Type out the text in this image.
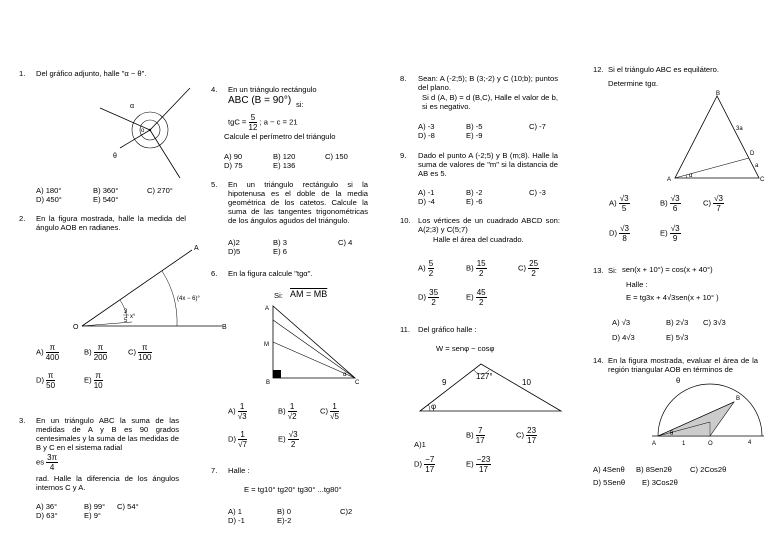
1. Del gráfico adjunto, halle "α − θ".
α
θ
o
A) 180°	B) 360°	C) 270°
D) 450°	E) 540°
2. En la figura mostrada, halle la medida del ángulo AOB en radianes.
O
A
B
(4x − 6)°
3
5
x°
$A) \frac{\pi}{400}$	$B) \frac{\pi}{200}$	$C) \frac{\pi}{100}$
$D) \frac{\pi}{50}$	$E) \frac{\pi}{10}$
3. En un triángulo ABC la suma de las medidas de A y B es 90 grados centesimales y la suma de las medidas de B y C en el sistema radial
es $\frac{3\pi}{4}$
rad. Halle la diferencia de los ángulos internos C y A.
A) 36°	B) 99° C) 54°
D) 63°	E) 9°
4. En un triángulo rectángulo
ABC (B = 90°) si:
tgC = $\frac{5}{12}$ ; a − c = 21
Calcule el perímetro del triángulo
A) 90	B) 120	C) 150
D) 75	E) 136
5. En un triángulo rectángulo si la hipotenusa es el doble de la media geométrica de los catetos. Calcule la suma de las tangentes trigonométricas de los ángulos agudos del triángulo.
A)2	B) 3	C) 4
D)5	E) 6
6. En la figura calcule "tgα".
Si: AM = MB
A
M
B	C
α
$A) \frac{1}{√3}$	$B) \frac{1}{√2}$	$C) \frac{1}{√5}$
$D) \frac{1}{√7}$	$E) \frac{√3}{2}$
7. Halle :
E = tg10° tg20° tg30° ...tg80°
A) 1	B) 0	C)2
D) -1	E)-2
8. Sean: A (-2;5); B (3;-2) y C (10;b); puntos del plano.
Si d (A, B) = d (B,C), Halle el valor de b, si es negativo.
A) -3	B) -5	C) -7
D) -8	E) -9
9. Dado el punto A (-2;5) y B (m;8). Halle la suma de valores de "m" si la distancia de AB es 5.
A) -1	B) -2	C) -3
D) -4	E) -6
10. Los vértices de un cuadrado ABCD son: A(2;3) y C(5;7)
Halle el área del cuadrado.
$A) \frac{5}{2}$	$B) \frac{15}{2}$	$C) \frac{25}{2}$
$D) \frac{35}{2}$	$E) \frac{45}{2}$
11. Del gráfico halle :
W = senφ − cosφ
9	10
127°
φ
A)1
$B) \frac{7}{17}$	$C) \frac{23}{17}$
$D) \frac{-7}{17}$	$E) \frac{-23}{17}$
12. Si el triángulo ABC es equilátero.
Determine tgα.
B
A	C
D
3a
a
α
$A) \frac{√3}{5}$	$B) \frac{√3}{6}$	$C) \frac{√3}{7}$
$D) \frac{√3}{8}$	$E) \frac{√3}{9}$
13. Si: sen(x + 10°) = cos(x + 40°)
Halle :
E = tg3x + 4√3sen(x + 10° )
A) √3	B) 2√3 C) 3√3
D) 4√3	E) 5√3
14. En la figura mostrada, evaluar el área de la región triangular AOB en términos de
θ
A
B
O
1	4
θ
A) 4Senθ B) 8Sen2θ C) 2Cos2θ
D) 5Senθ E) 3Cos2θ
